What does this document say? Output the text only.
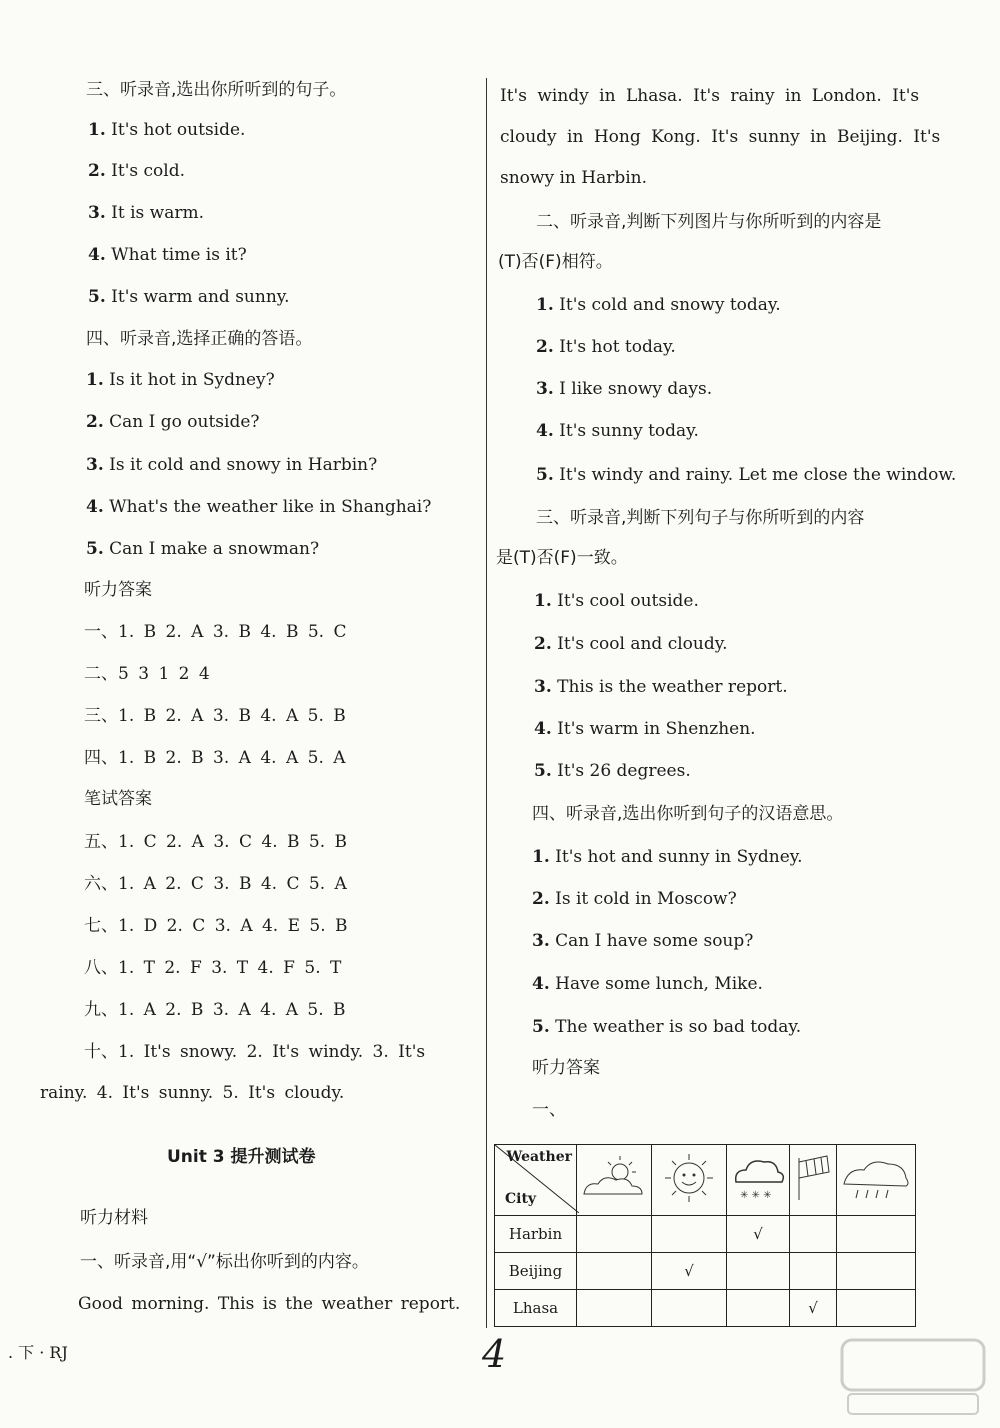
三、听录音,选出你所听到的句子。
1. It's hot outside.
2. It's cold.
3. It is warm.
4. What time is it?
5. It's warm and sunny.
四、听录音,选择正确的答语。
1. Is it hot in Sydney?
2. Can I go outside?
3. Is it cold and snowy in Harbin?
4. What's the weather like in Shanghai?
5. Can I make a snowman?
听力答案
一、1. B 2. A 3. B 4. B 5. C
二、5 3 1 2 4
三、1. B 2. A 3. B 4. A 5. B
四、1. B 2. B 3. A 4. A 5. A
笔试答案
五、1. C 2. A 3. C 4. B 5. B
六、1. A 2. C 3. B 4. C 5. A
七、1. D 2. C 3. A 4. E 5. B
八、1. T 2. F 3. T 4. F 5. T
九、1. A 2. B 3. A 4. A 5. B
十、1. It's snowy. 2. It's windy. 3. It's
rainy. 4. It's sunny. 5. It's cloudy.
Unit 3 提升测试卷
听力材料
一、听录音,用“√”标出你听到的内容。
Good morning. This is the weather report.
It's windy in Lhasa. It's rainy in London. It's
cloudy in Hong Kong. It's sunny in Beijing. It's
snowy in Harbin.
二、听录音,判断下列图片与你所听到的内容是
(T)否(F)相符。
1. It's cold and snowy today.
2. It's hot today.
3. I like snowy days.
4. It's sunny today.
5. It's windy and rainy. Let me close the window.
三、听录音,判断下列句子与你所听到的内容
是(T)否(F)一致。
1. It's cool outside.
2. It's cool and cloudy.
3. This is the weather report.
4. It's warm in Shenzhen.
5. It's 26 degrees.
四、听录音,选出你听到句子的汉语意思。
1. It's hot and sunny in Sydney.
2. Is it cold in Moscow?
3. Can I have some soup?
4. Have some lunch, Mike.
5. The weather is so bad today.
听力答案
一、
Weather
City			✳ ✳ ✳

Harbin			√		
Beijing		√			
Lhasa				√	
. 下 · RJ	4
